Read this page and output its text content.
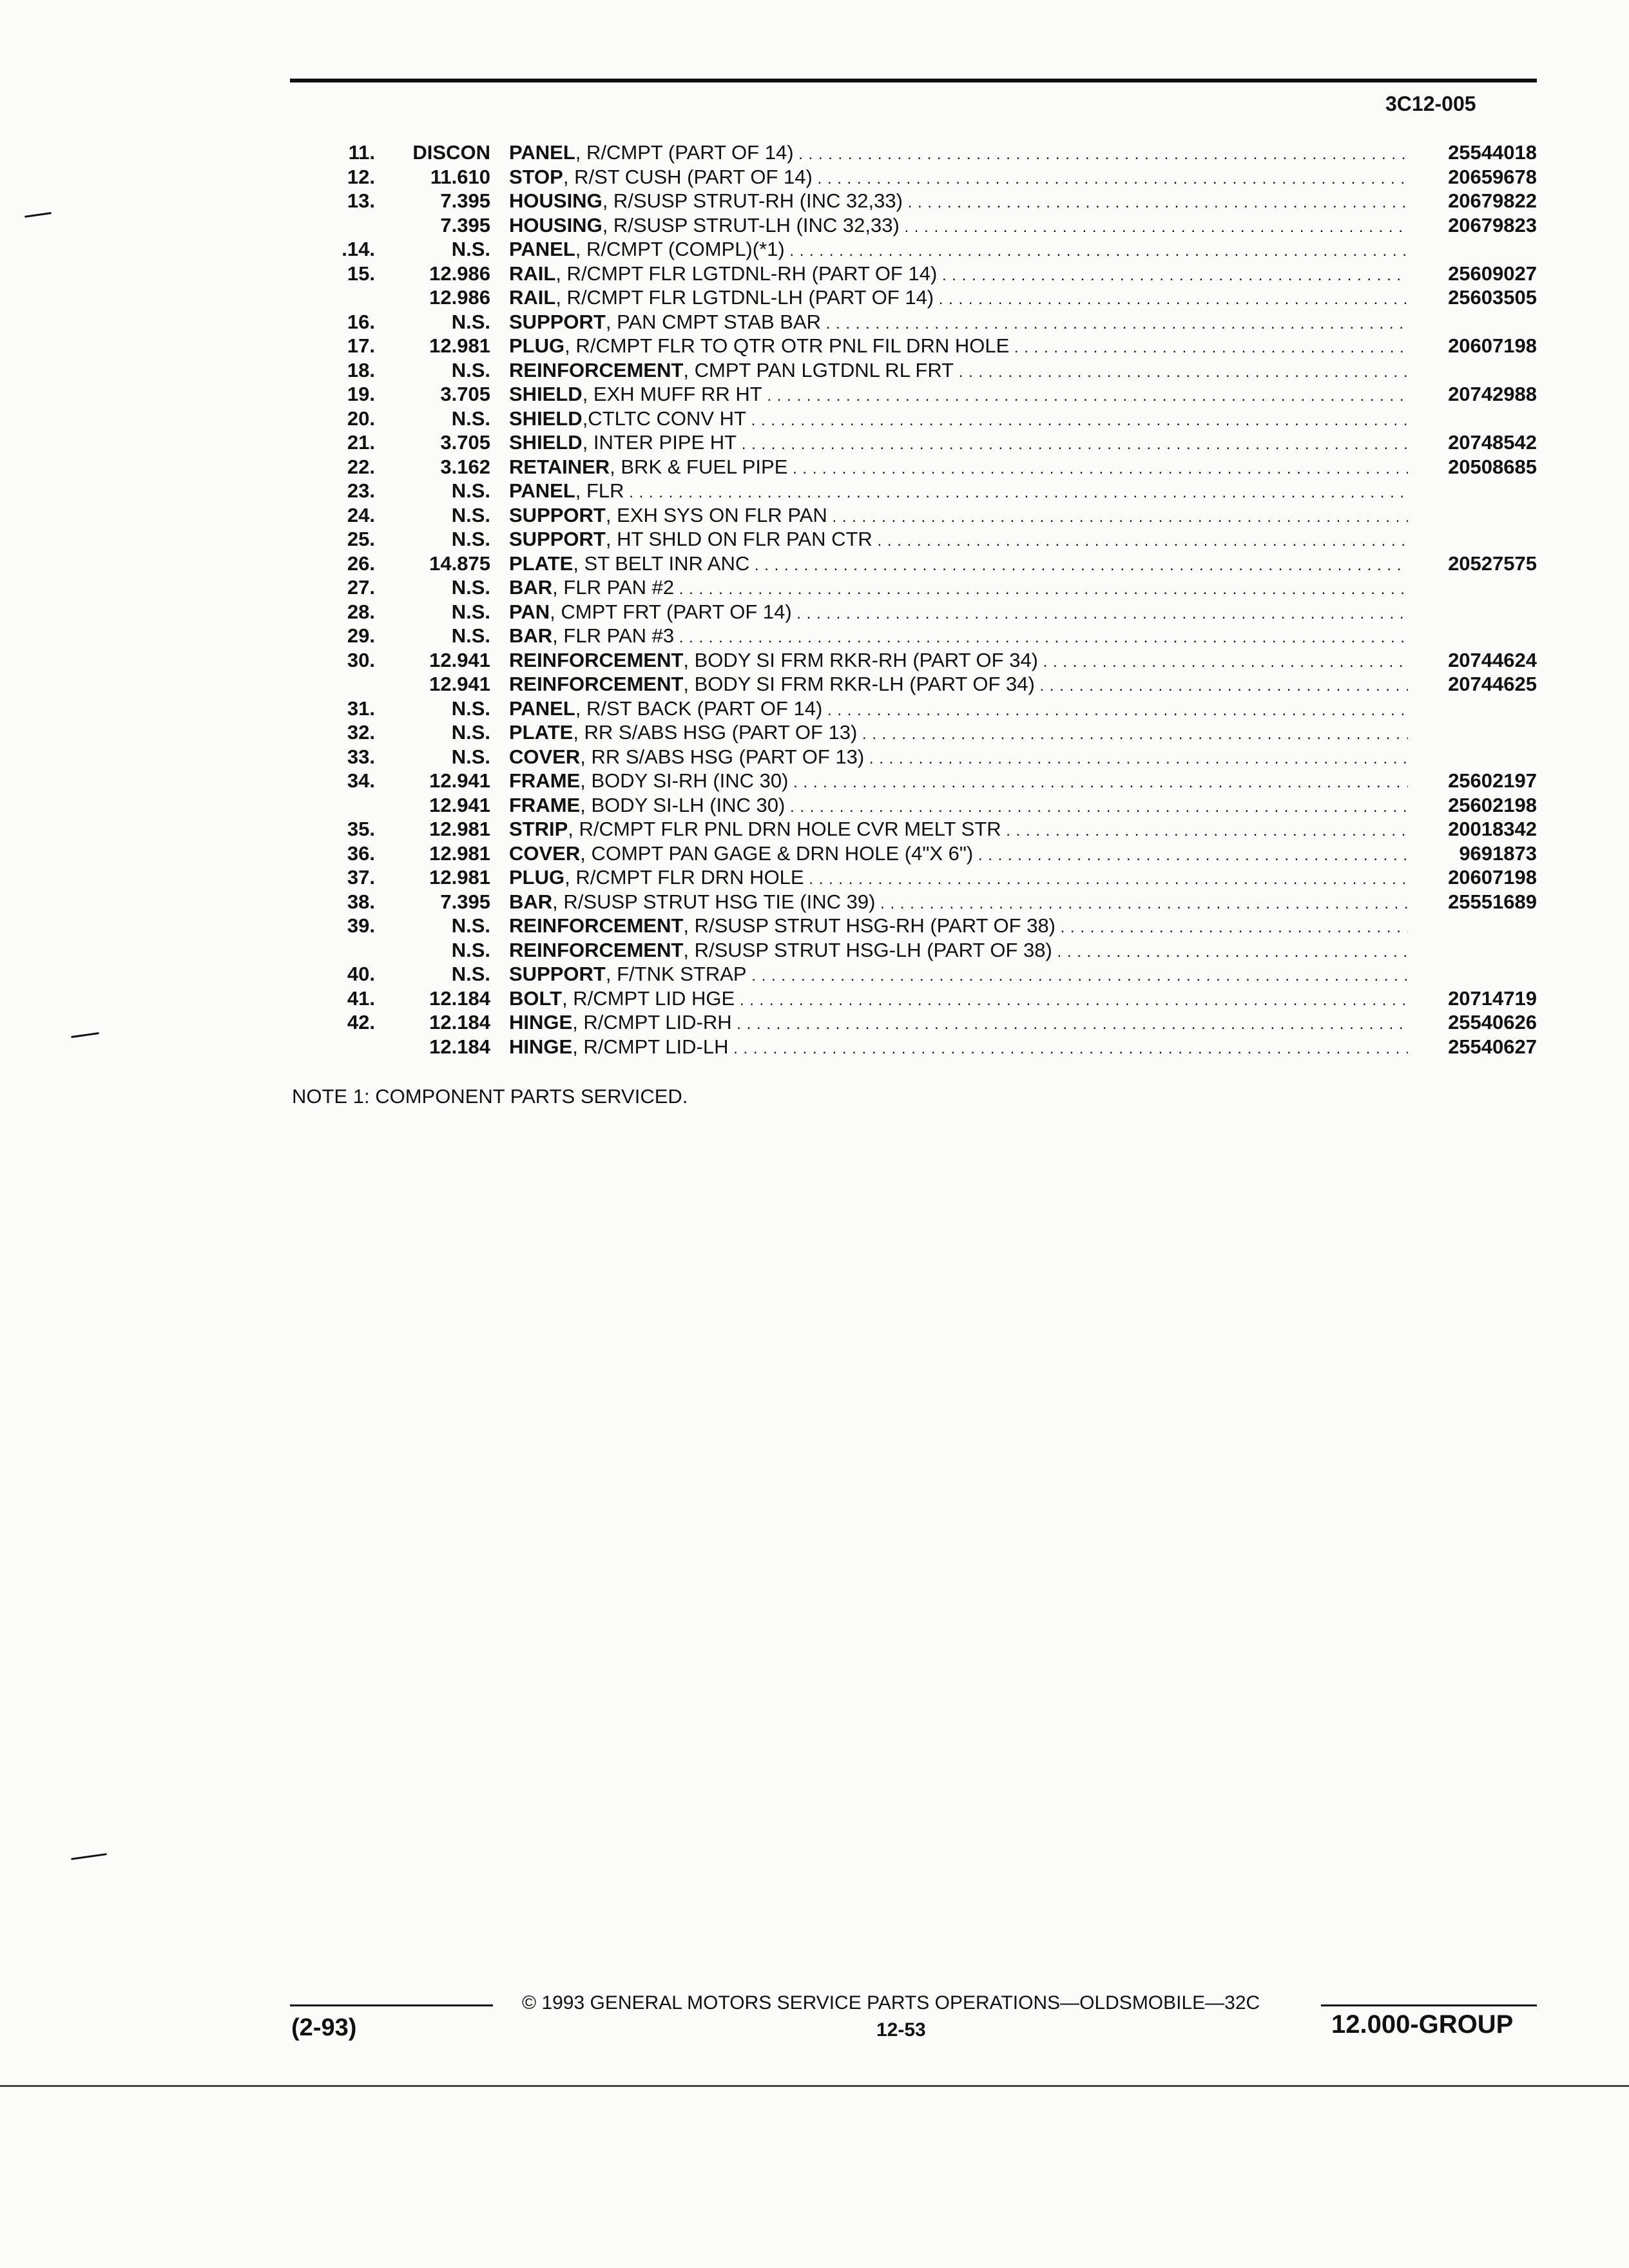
3C12-005
11.	DISCON PANEL, R/CMPT (PART OF 14) . . .	25544018
12.	11.610 STOP, R/ST CUSH (PART OF 14) . . .	20659678
13.	7.395 HOUSING, R/SUSP STRUT-RH (INC 32,33) . . .	20679822
7.395 HOUSING, R/SUSP STRUT-LH (INC 32,33) . . .	20679823
.14.	N.S. PANEL, R/CMPT (COMPL)(*1) . . .
15.	12.986 RAIL, R/CMPT FLR LGTDNL-RH (PART OF 14) . . .	25609027
12.986 RAIL, R/CMPT FLR LGTDNL-LH (PART OF 14) . . .	25603505
16.	N.S. SUPPORT, PAN CMPT STAB BAR . . .
17.	12.981 PLUG, R/CMPT FLR TO QTR OTR PNL FIL DRN HOLE . . .	20607198
18.	N.S. REINFORCEMENT, CMPT PAN LGTDNL RL FRT . . .
19.	3.705 SHIELD, EXH MUFF RR HT . . .	20742988
20.	N.S. SHIELD,CTLTC CONV HT . . .
21.	3.705 SHIELD, INTER PIPE HT . . .	20748542
22.	3.162 RETAINER, BRK & FUEL PIPE . . .	20508685
23.	N.S. PANEL, FLR . . .
24.	N.S. SUPPORT, EXH SYS ON FLR PAN . . .
25.	N.S. SUPPORT, HT SHLD ON FLR PAN CTR . . .
26.	14.875 PLATE, ST BELT INR ANC . . .	20527575
27.	N.S. BAR, FLR PAN #2 . . .
28.	N.S. PAN, CMPT FRT (PART OF 14) . . .
29.	N.S. BAR, FLR PAN #3 . . .
30.	12.941 REINFORCEMENT, BODY SI FRM RKR-RH (PART OF 34) . . .	20744624
12.941 REINFORCEMENT, BODY SI FRM RKR-LH (PART OF 34) . . .	20744625
31.	N.S. PANEL, R/ST BACK (PART OF 14) . . .
32.	N.S. PLATE, RR S/ABS HSG (PART OF 13) . . .
33.	N.S. COVER, RR S/ABS HSG (PART OF 13) . . .
34.	12.941 FRAME, BODY SI-RH (INC 30) . . .	25602197
12.941 FRAME, BODY SI-LH (INC 30) . . .	25602198
35.	12.981 STRIP, R/CMPT FLR PNL DRN HOLE CVR MELT STR . . .	20018342
36.	12.981 COVER, COMPT PAN GAGE & DRN HOLE (4"X 6") . . .	9691873
37.	12.981 PLUG, R/CMPT FLR DRN HOLE . . .	20607198
38.	7.395 BAR, R/SUSP STRUT HSG TIE (INC 39) . . .	25551689
39.	N.S. REINFORCEMENT, R/SUSP STRUT HSG-RH (PART OF 38) . . .
N.S. REINFORCEMENT, R/SUSP STRUT HSG-LH (PART OF 38) . . .
40.	N.S. SUPPORT, F/TNK STRAP . . .
41.	12.184 BOLT, R/CMPT LID HGE . . .	20714719
42.	12.184 HINGE, R/CMPT LID-RH . . .	25540626
12.184 HINGE, R/CMPT LID-LH . . .	25540627
NOTE 1: COMPONENT PARTS SERVICED.
© 1993 GENERAL MOTORS SERVICE PARTS OPERATIONS—OLDSMOBILE—32C
(2-93)	12-53	12.000-GROUP
